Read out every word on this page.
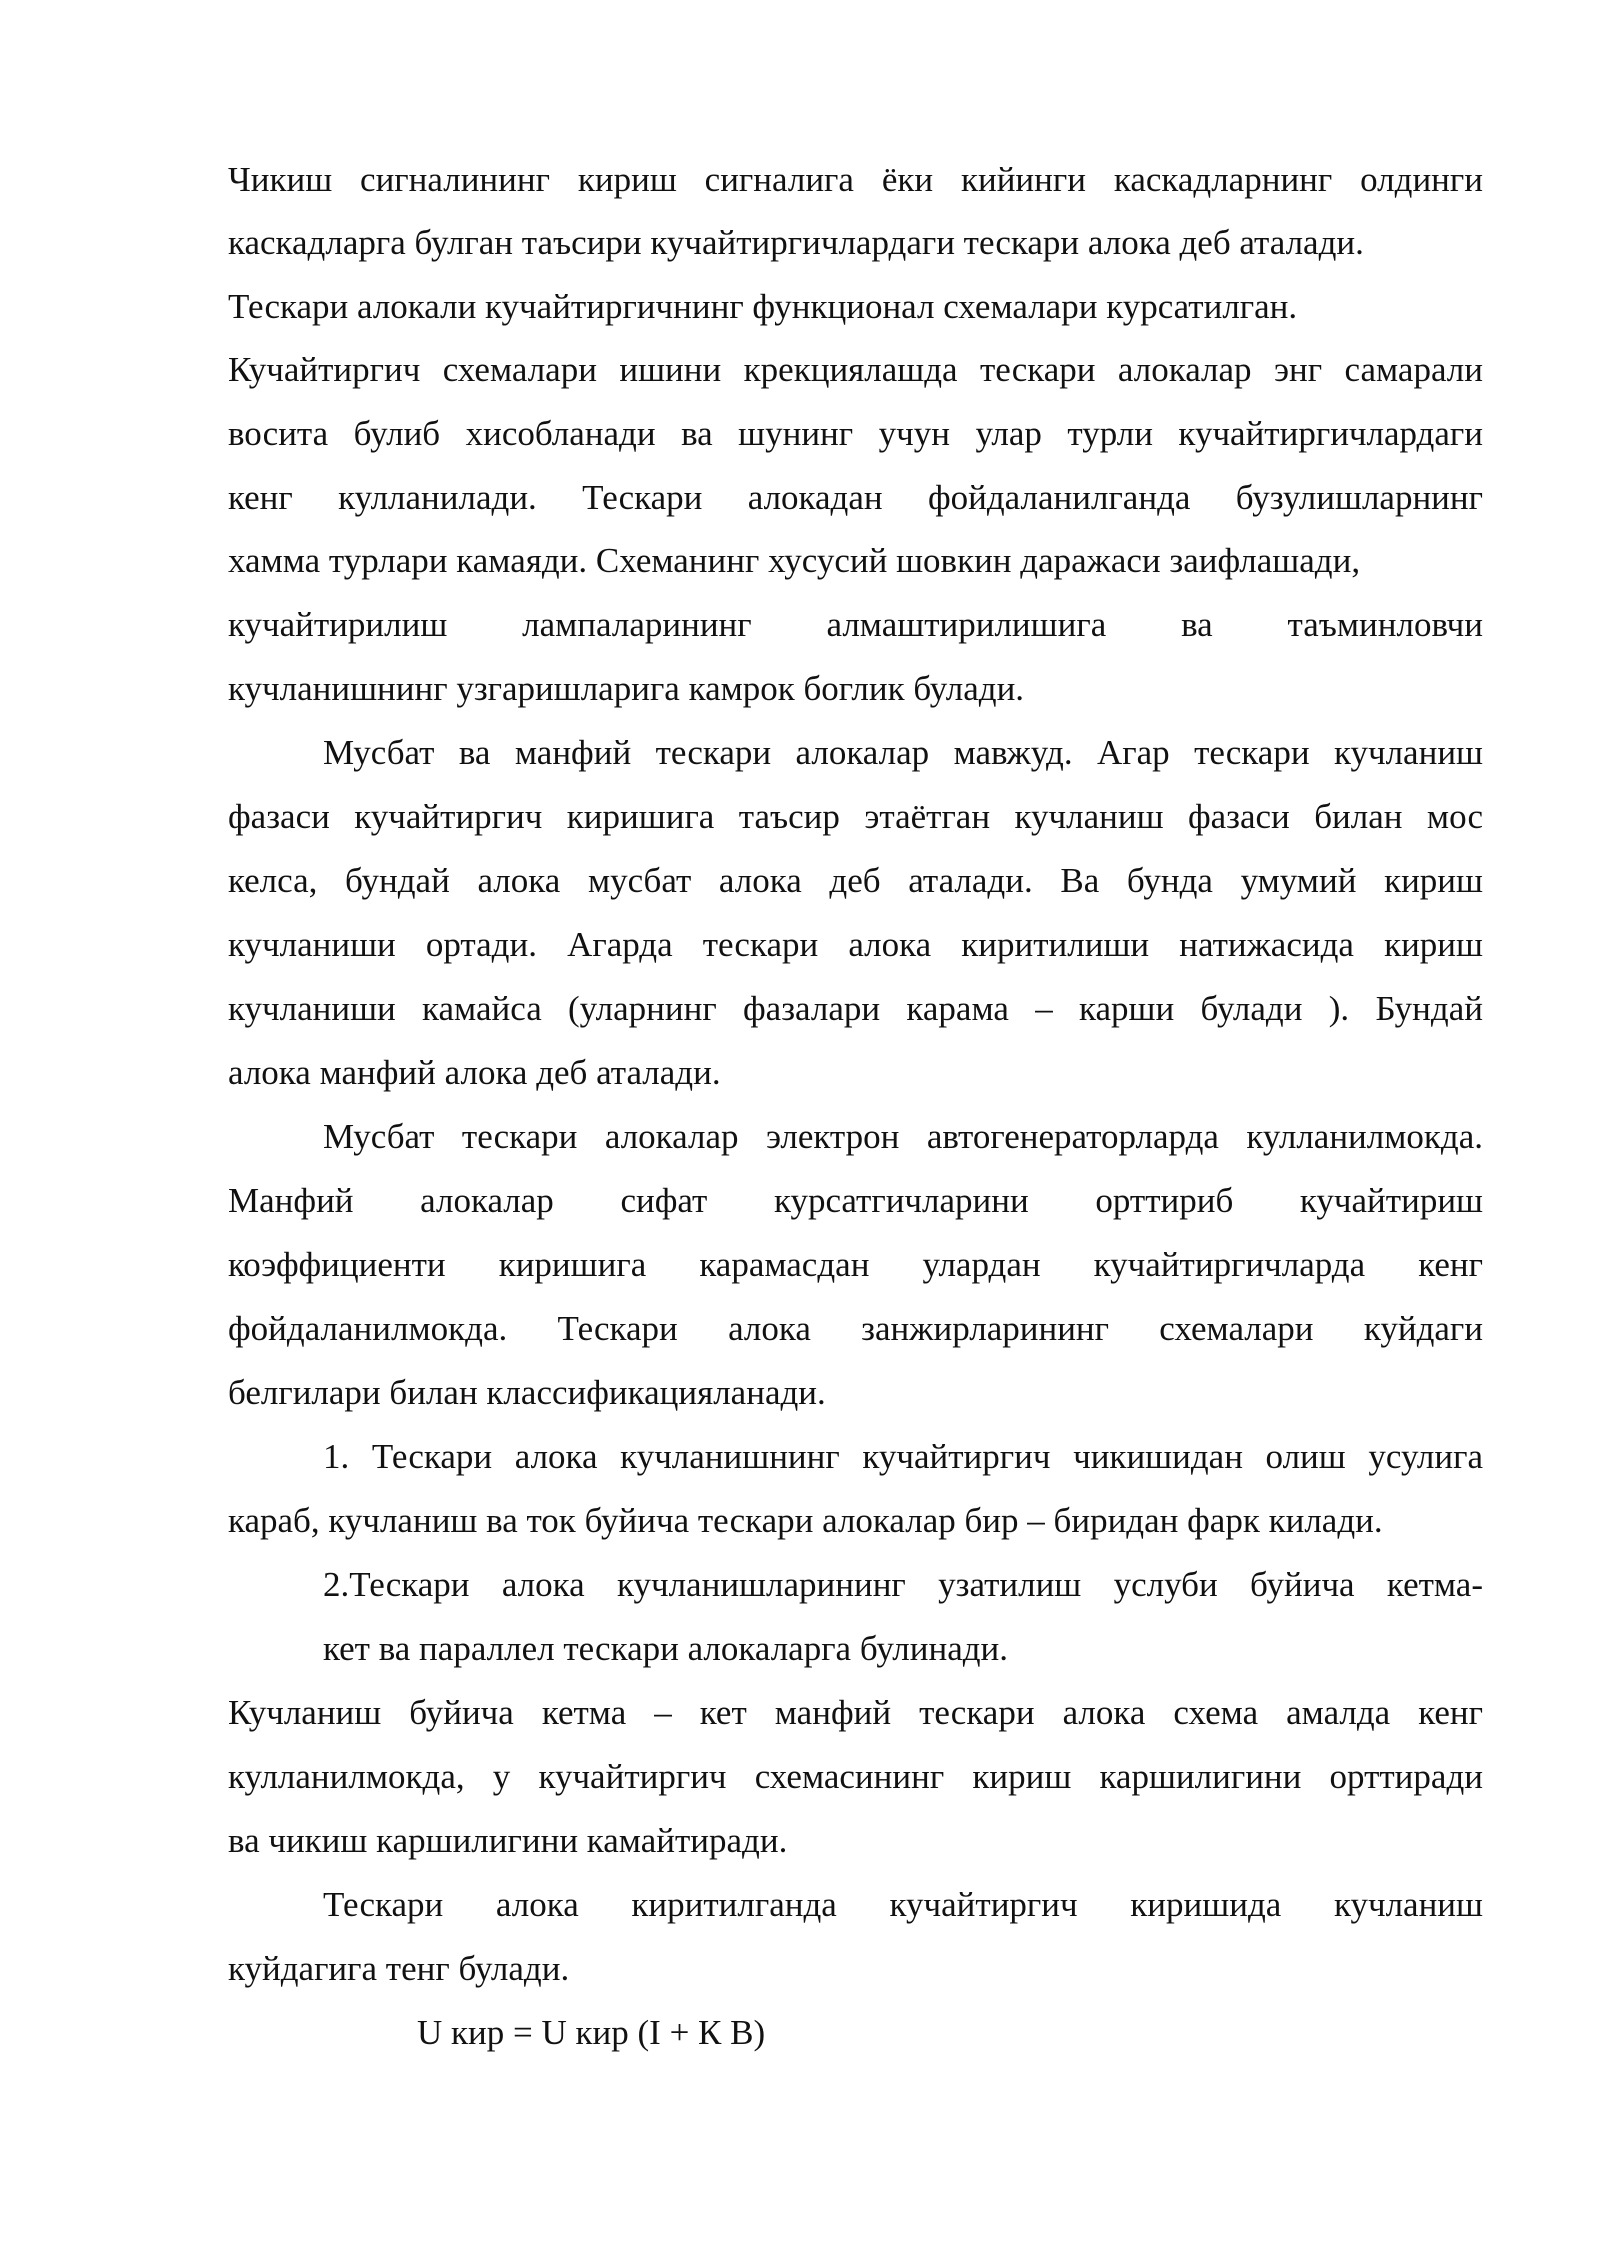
Чикиш сигналининг кириш сигналига ёки кийинги каскадларнинг олдинги
каскадларга булган таъсири кучайтиргичлардаги тескари алока деб аталади.
Тескари алокали кучайтиргичнинг функционал схемалари курсатилган.
Кучайтиргич схемалари ишини крекциялашда тескари алокалар энг самарали
восита булиб хисобланади ва шунинг учун улар турли кучайтиргичлардаги
кенг кулланилади. Тескари алокадан фойдаланилганда бузулишларнинг
хамма турлари камаяди. Схеманинг хусусий шовкин даражаси заифлашади,
кучайтирилиш лампаларининг алмаштирилишига ва таъминловчи
кучланишнинг узгаришларига камрок боглик булади.
Мусбат ва манфий тескари алокалар мавжуд. Агар тескари кучланиш
фазаси кучайтиргич киришига таъсир этаётган кучланиш фазаси билан мос
келса, бундай алока мусбат алока деб аталади. Ва бунда умумий кириш
кучланиши ортади. Агарда тескари алока киритилиши натижасида кириш
кучланиши камайса (уларнинг фазалари карама – карши булади ). Бундай
алока манфий алока деб аталади.
Мусбат тескари алокалар электрон автогенераторларда кулланилмокда.
Манфий алокалар сифат курсатгичларини орттириб кучайтириш
коэффициенти киришига карамасдан улардан кучайтиргичларда кенг
фойдаланилмокда. Тескари алока занжирларининг схемалари куйдаги
белгилари билан классификацияланади.
1. Тескари алока кучланишнинг кучайтиргич чикишидан олиш усулига
караб, кучланиш ва ток буйича тескари алокалар бир – биридан фарк килади.
2.Тескари алока кучланишларининг узатилиш услуби буйича кетма-
кет ва параллел тескари алокаларга булинади.
Кучланиш буйича кетма – кет манфий тескари алока схема амалда кенг
кулланилмокда, у кучайтиргич схемасининг кириш каршилигини орттиради
ва чикиш каршилигини камайтиради.
Тескари алока киритилганда кучайтиргич киришида кучланиш
куйдагига тенг булади.
U кир = U кир (I + К В)
